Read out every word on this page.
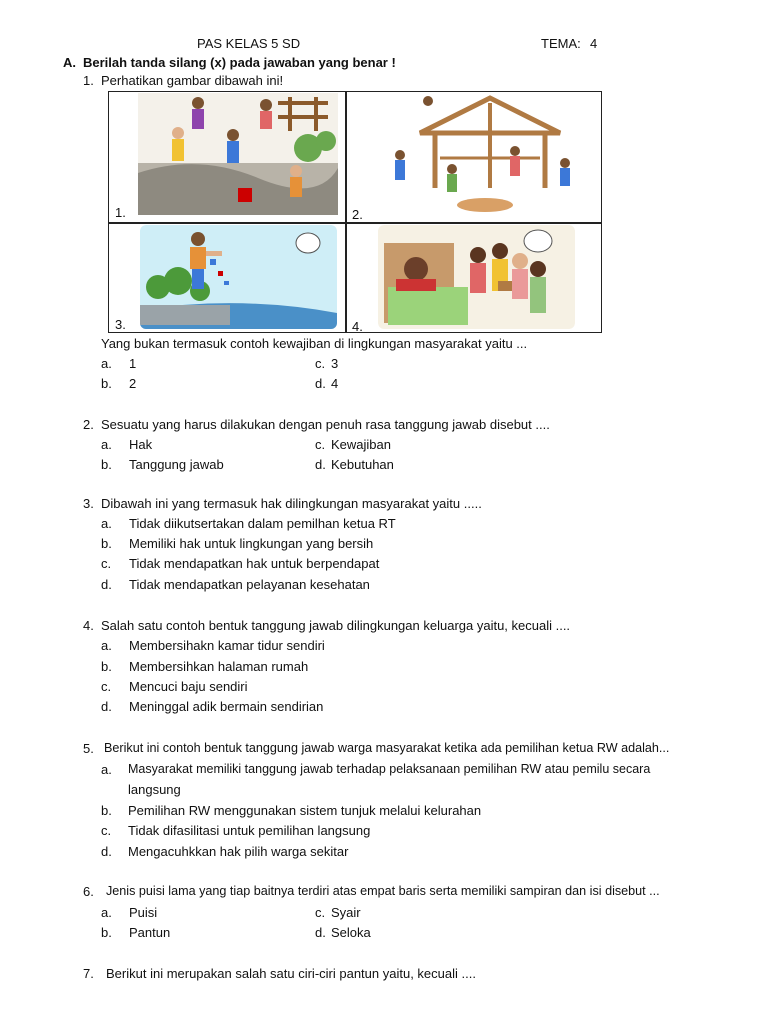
PAS KELAS 5 SD	TEMA: 4
A. Berilah tanda silang (x) pada jawaban yang benar !
1. Perhatikan gambar dibawah ini!
1.	2.
3.	4.
Yang bukan termasuk contoh kewajiban di lingkungan masyarakat yaitu ...
a. 1	c. 3
b. 2	d. 4
2. Sesuatu yang harus dilakukan dengan penuh rasa tanggung jawab disebut ....
a. Hak	c. Kewajiban
b. Tanggung jawab	d. Kebutuhan
3. Dibawah ini yang termasuk hak dilingkungan masyarakat yaitu .....
a. Tidak diikutsertakan dalam pemilhan ketua RT
b. Memiliki hak untuk lingkungan yang bersih
c. Tidak mendapatkan hak untuk berpendapat
d. Tidak mendapatkan pelayanan kesehatan
4. Salah satu contoh bentuk tanggung jawab dilingkungan keluarga yaitu, kecuali ....
a. Membersihakn kamar tidur sendiri
b. Membersihkan halaman rumah
c. Mencuci baju sendiri
d. Meninggal adik bermain sendirian
5. Berikut ini contoh bentuk tanggung jawab warga masyarakat ketika ada pemilihan ketua RW adalah...
a. Masyarakat memiliki tanggung jawab terhadap pelaksanaan pemilihan RW atau pemilu secara
langsung
b. Pemilihan RW menggunakan sistem tunjuk melalui kelurahan
c. Tidak difasilitasi untuk pemilihan langsung
d. Mengacuhkkan hak pilih warga sekitar
6. Jenis puisi lama yang tiap baitnya terdiri atas empat baris serta memiliki sampiran dan isi disebut ...
a. Puisi	c. Syair
b. Pantun	d. Seloka
7. Berikut ini merupakan salah satu ciri-ciri pantun yaitu, kecuali ....
